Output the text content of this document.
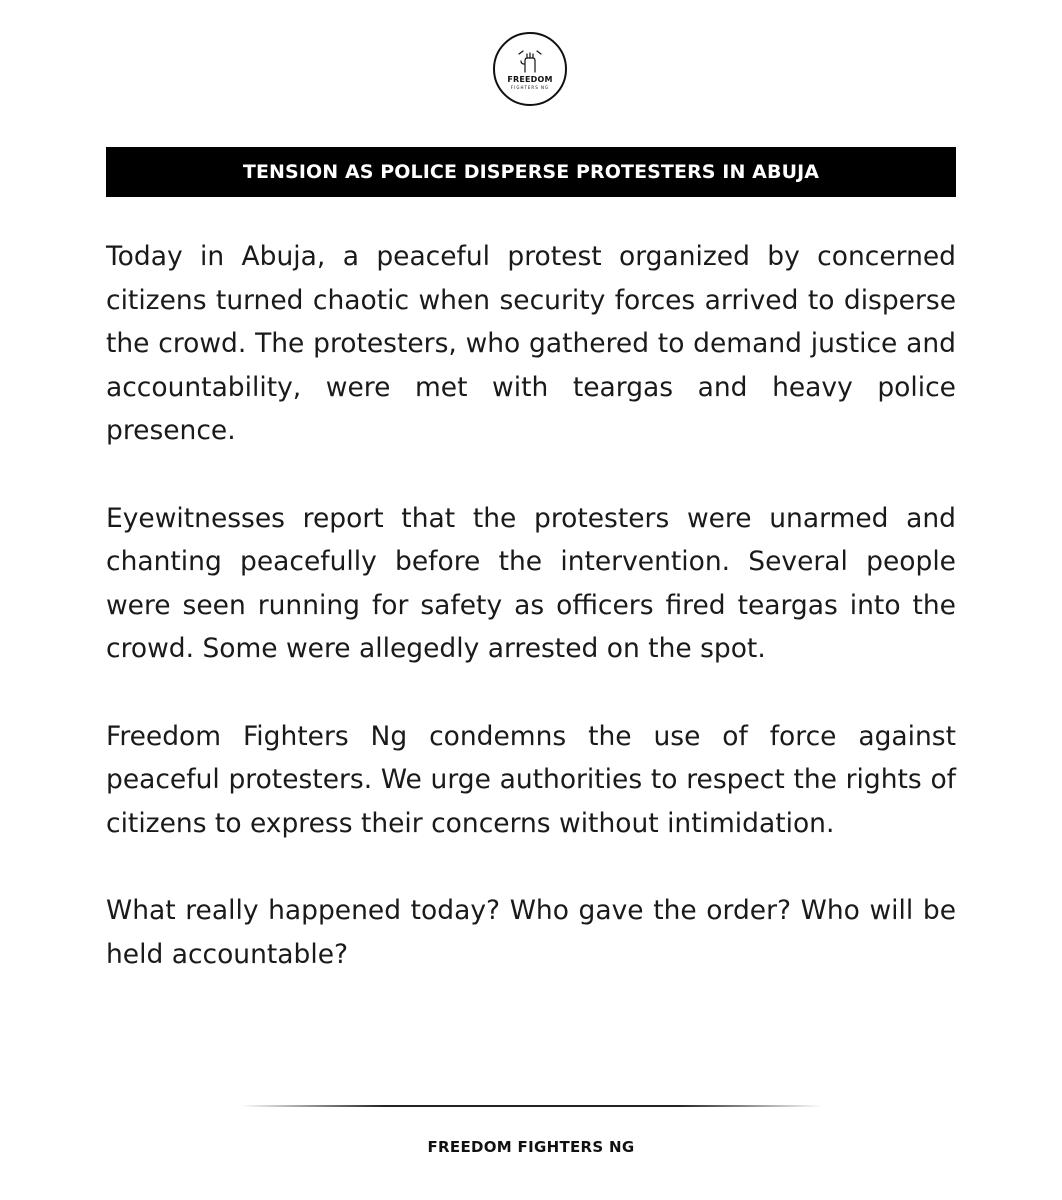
FREEDOM
FIGHTERS NG
TENSION AS POLICE DISPERSE PROTESTERS IN ABUJA

Today in Abuja, a peaceful protest organized by concerned citizens turned chaotic when security forces arrived to disperse the crowd. The protesters, who gathered to demand justice and accountability, were met with teargas and heavy police presence.

Eyewitnesses report that the protesters were unarmed and chanting peacefully before the intervention. Several people were seen running for safety as officers fired teargas into the crowd. Some were allegedly arrested on the spot.

Freedom Fighters Ng condemns the use of force against peaceful protesters. We urge authorities to respect the rights of citizens to express their concerns without intimidation.

What really happened today? Who gave the order? Who will be held accountable?

FREEDOM FIGHTERS NG
